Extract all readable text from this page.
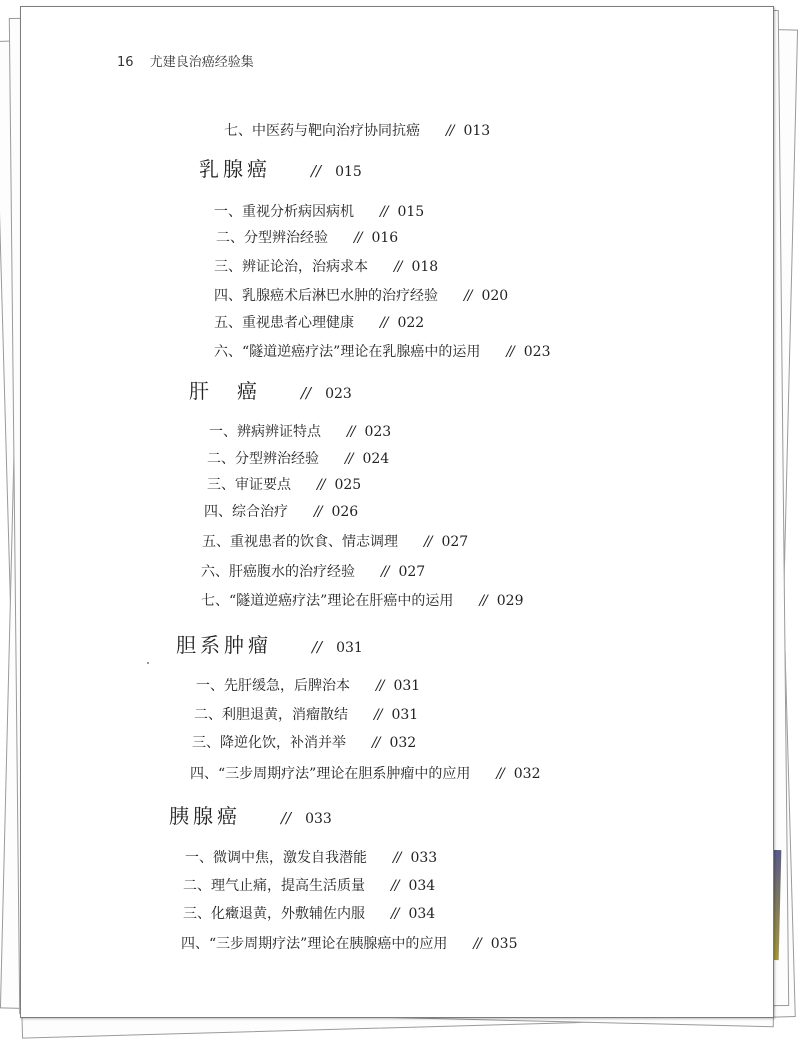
16 尤建良治癌经验集
七、中医药与靶向治疗协同抗癌 // 013
乳腺癌	// 015
一、重视分析病因病机 // 015
二、分型辨治经验 // 016
三、辨证论治，治病求本 // 018
四、乳腺癌术后淋巴水肿的治疗经验 // 020
五、重视患者心理健康 // 022
六、“隧道逆癌疗法”理论在乳腺癌中的运用 // 023
肝　癌	// 023
一、辨病辨证特点 // 023
二、分型辨治经验 // 024
三、审证要点 // 025
四、综合治疗 // 026
五、重视患者的饮食、情志调理 // 027
六、肝癌腹水的治疗经验 // 027
七、“隧道逆癌疗法”理论在肝癌中的运用 // 029
胆系肿瘤	// 031
一、先肝缓急，后脾治本 // 031
二、利胆退黄，消瘤散结 // 031
三、降逆化饮，补消并举 // 032
四、“三步周期疗法”理论在胆系肿瘤中的应用 // 032
胰腺癌	// 033
一、微调中焦，激发自我潜能 // 033
二、理气止痛，提高生活质量 // 034
三、化癥退黄，外敷辅佐内服 // 034
四、“三步周期疗法”理论在胰腺癌中的应用 // 035
